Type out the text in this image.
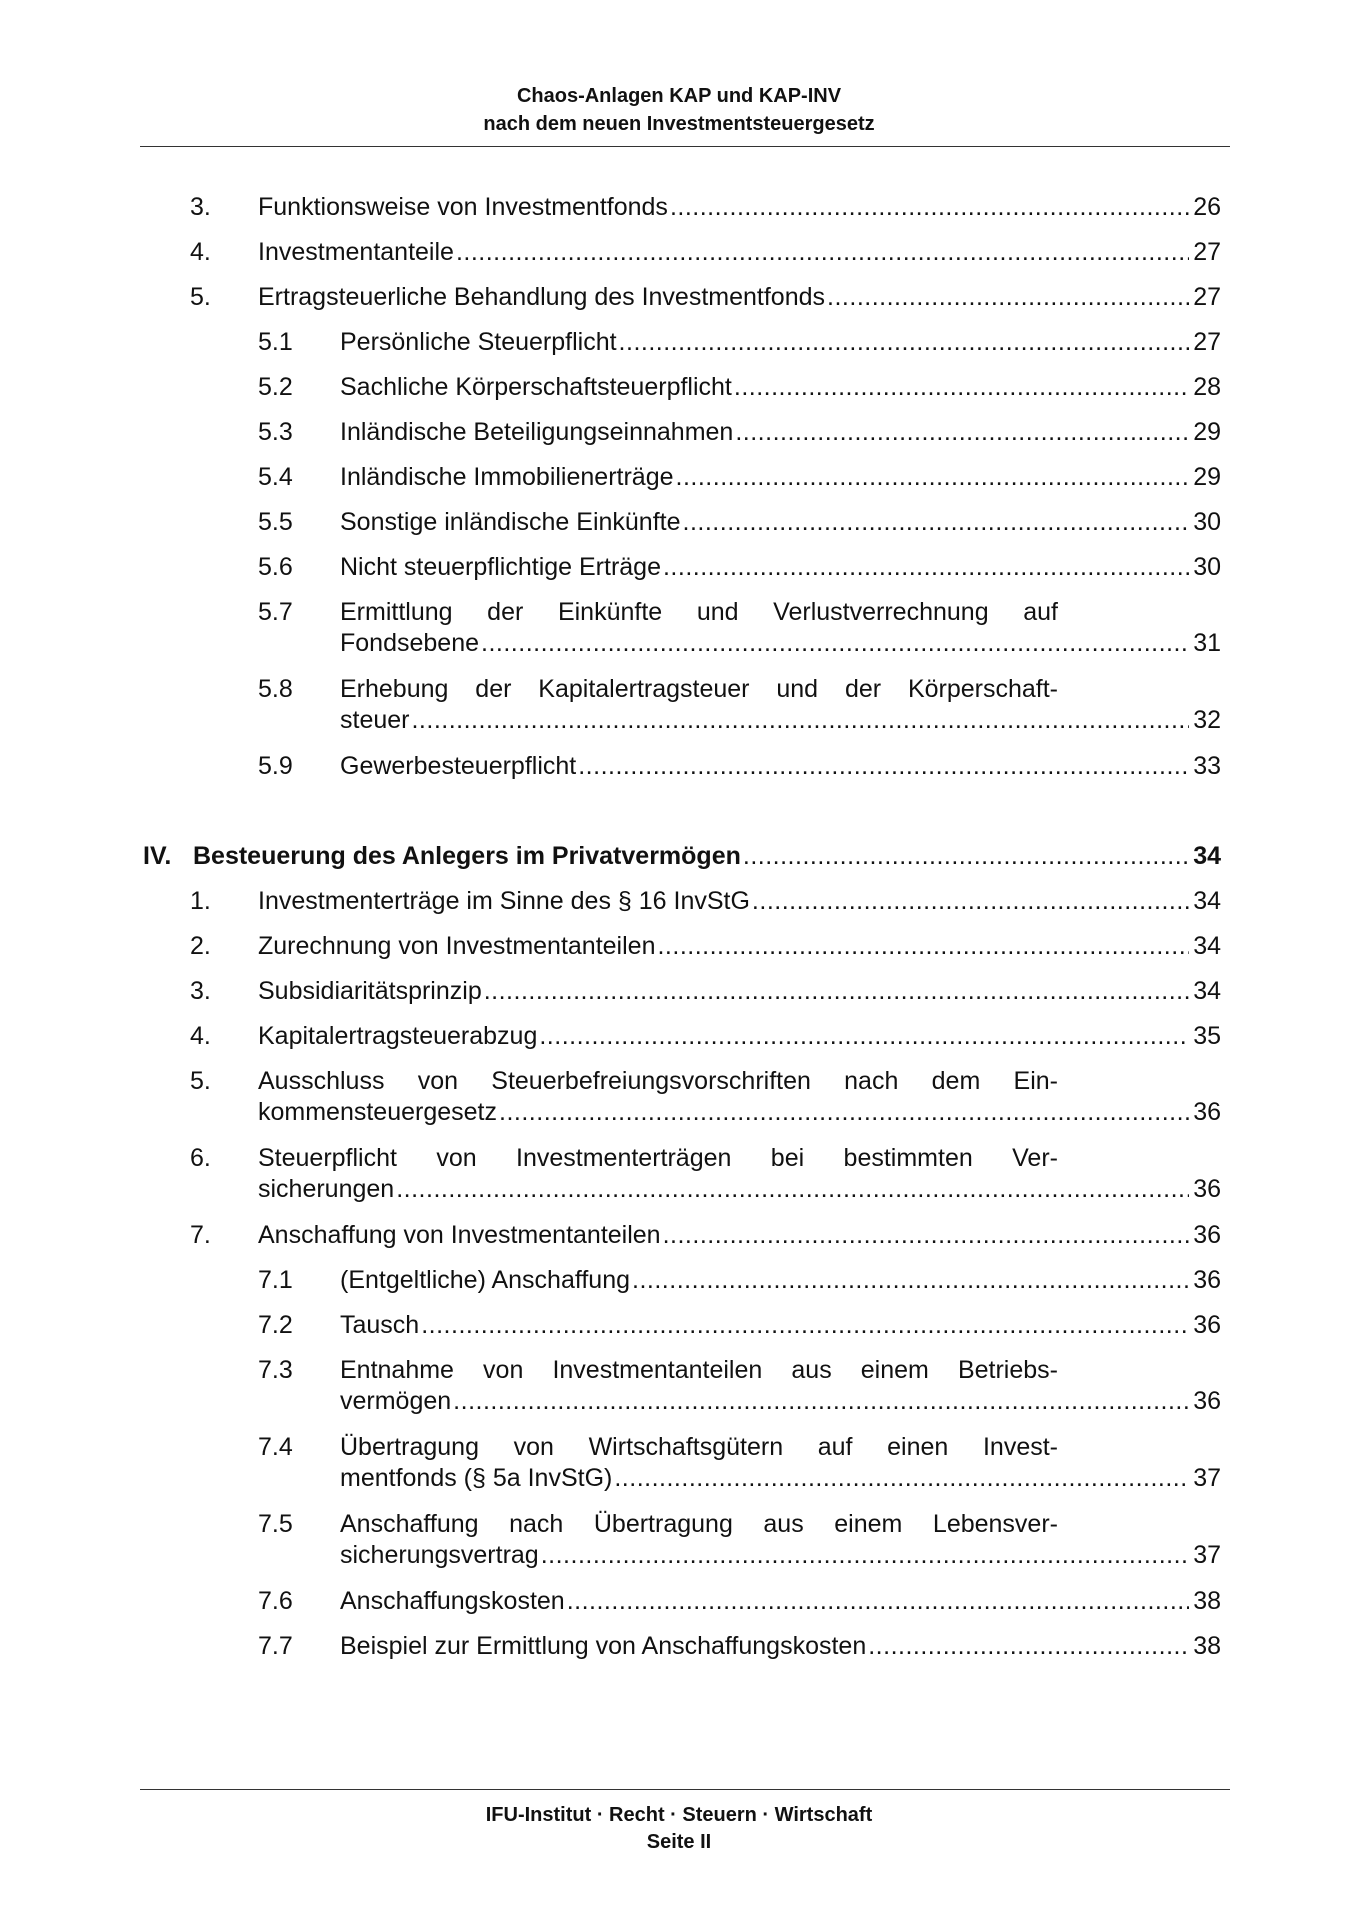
Chaos-Anlagen KAP und KAP-INV
nach dem neuen Investmentsteuergesetz
3. Funktionsweise von Investmentfonds .....	26
4. Investmentanteile .....	27
5. Ertragsteuerliche Behandlung des Investmentfonds .....	27
5.1 Persönliche Steuerpflicht .....	27
5.2 Sachliche Körperschaftsteuerpflicht .....	28
5.3 Inländische Beteiligungseinnahmen .....	29
5.4 Inländische Immobilienerträge .....	29
5.5 Sonstige inländische Einkünfte .....	30
5.6 Nicht steuerpflichtige Erträge .....	30
5.7 Ermittlung der Einkünfte und Verlustverrechnung auf
Fondsebene .....	31
5.8 Erhebung der Kapitalertragsteuer und der Körperschaft-
steuer .....	32
5.9 Gewerbesteuerpflicht .....	33
IV. Besteuerung des Anlegers im Privatvermögen .....	34
1. Investmenterträge im Sinne des § 16 InvStG .....	34
2. Zurechnung von Investmentanteilen .....	34
3. Subsidiaritätsprinzip .....	34
4. Kapitalertragsteuerabzug .....	35
5. Ausschluss von Steuerbefreiungsvorschriften nach dem Ein-
kommensteuergesetz .....	36
6. Steuerpflicht von Investmenterträgen bei bestimmten Ver-
sicherungen .....	36
7. Anschaffung von Investmentanteilen .....	36
7.1 (Entgeltliche) Anschaffung .....	36
7.2 Tausch .....	36
7.3 Entnahme von Investmentanteilen aus einem Betriebs-
vermögen .....	36
7.4 Übertragung von Wirtschaftsgütern auf einen Invest-
mentfonds (§ 5a InvStG) .....	37
7.5 Anschaffung nach Übertragung aus einem Lebensver-
sicherungsvertrag .....	37
7.6 Anschaffungskosten .....	38
7.7 Beispiel zur Ermittlung von Anschaffungskosten .....	38
IFU-Institut · Recht · Steuern · Wirtschaft
Seite II
